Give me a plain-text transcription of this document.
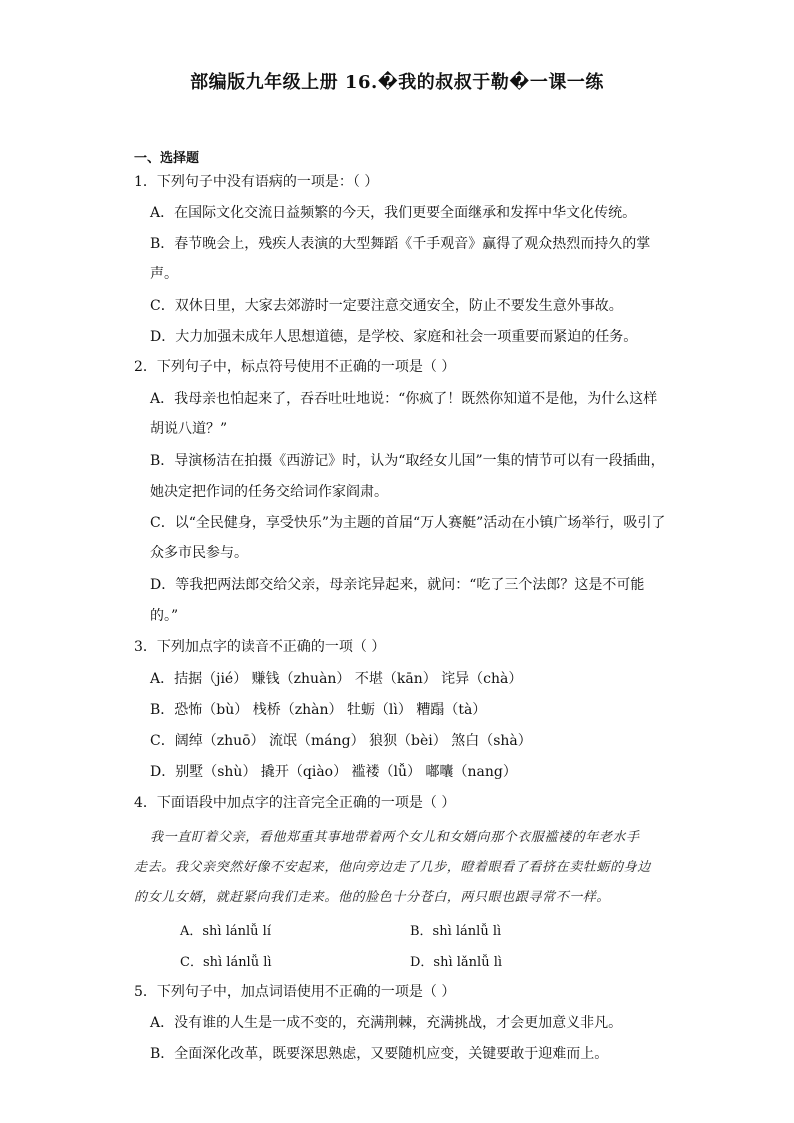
部编版九年级上册 16.�我的叔叔于勒�一课一练
一、选择题
1．下列句子中没有语病的一项是：（ ）
A．在国际文化交流日益频繁的今天，我们更要全面继承和发挥中华文化传统。
B．春节晚会上，残疾人表演的大型舞蹈《千手观音》赢得了观众热烈而持久的掌
声。
C．双休日里，大家去郊游时一定要注意交通安全，防止不要发生意外事故。
D．大力加强未成年人思想道德，是学校、家庭和社会一项重要而紧迫的任务。
2．下列句子中，标点符号使用不正确的一项是（ ）
A．我母亲也怕起来了，吞吞吐吐地说：“你疯了！既然你知道不是他，为什么这样
胡说八道？”
B．导演杨洁在拍摄《西游记》时，认为“取经女儿国”一集的情节可以有一段插曲，
她决定把作词的任务交给词作家阎肃。
C．以“全民健身，享受快乐”为主题的首届“万人赛艇”活动在小镇广场举行，吸引了
众多市民参与。
D．等我把两法郎交给父亲，母亲诧异起来，就问：“吃了三个法郎？这是不可能
的。”
3．下列加点字的读音不正确的一项（ ）
A．拮据（jié） 赚钱（zhuàn） 不堪（kān） 诧异（chà）
B．恐怖（bù） 栈桥（zhàn） 牡蛎（lì） 糟蹋（tà）
C．阔绰（zhuō） 流氓（máng） 狼狈（bèi） 煞白（shà）
D．别墅（shù） 撬开（qiào） 褴褛（lǚ） 嘟囔（nang）
4．下面语段中加点字的注音完全正确的一项是（ ）
我一直盯着父亲，看他郑重其事地带着两个女儿和女婿向那个衣服褴褛的年老水手
走去。我父亲突然好像不安起来，他向旁边走了几步，瞪着眼看了看挤在卖牡蛎的身边
的女儿女婿，就赶紧向我们走来。他的脸色十分苍白，两只眼也跟寻常不一样。
A．shì lánlǚ lí	B．shì lánlǚ lì
C．shì lánlǚ lì	D．shì lǎnlǚ lì
5．下列句子中，加点词语使用不正确的一项是（ ）
A．没有谁的人生是一成不变的，充满荆棘，充满挑战，才会更加意义非凡。
B．全面深化改革，既要深思熟虑，又要随机应变，关键要敢于迎难而上。
